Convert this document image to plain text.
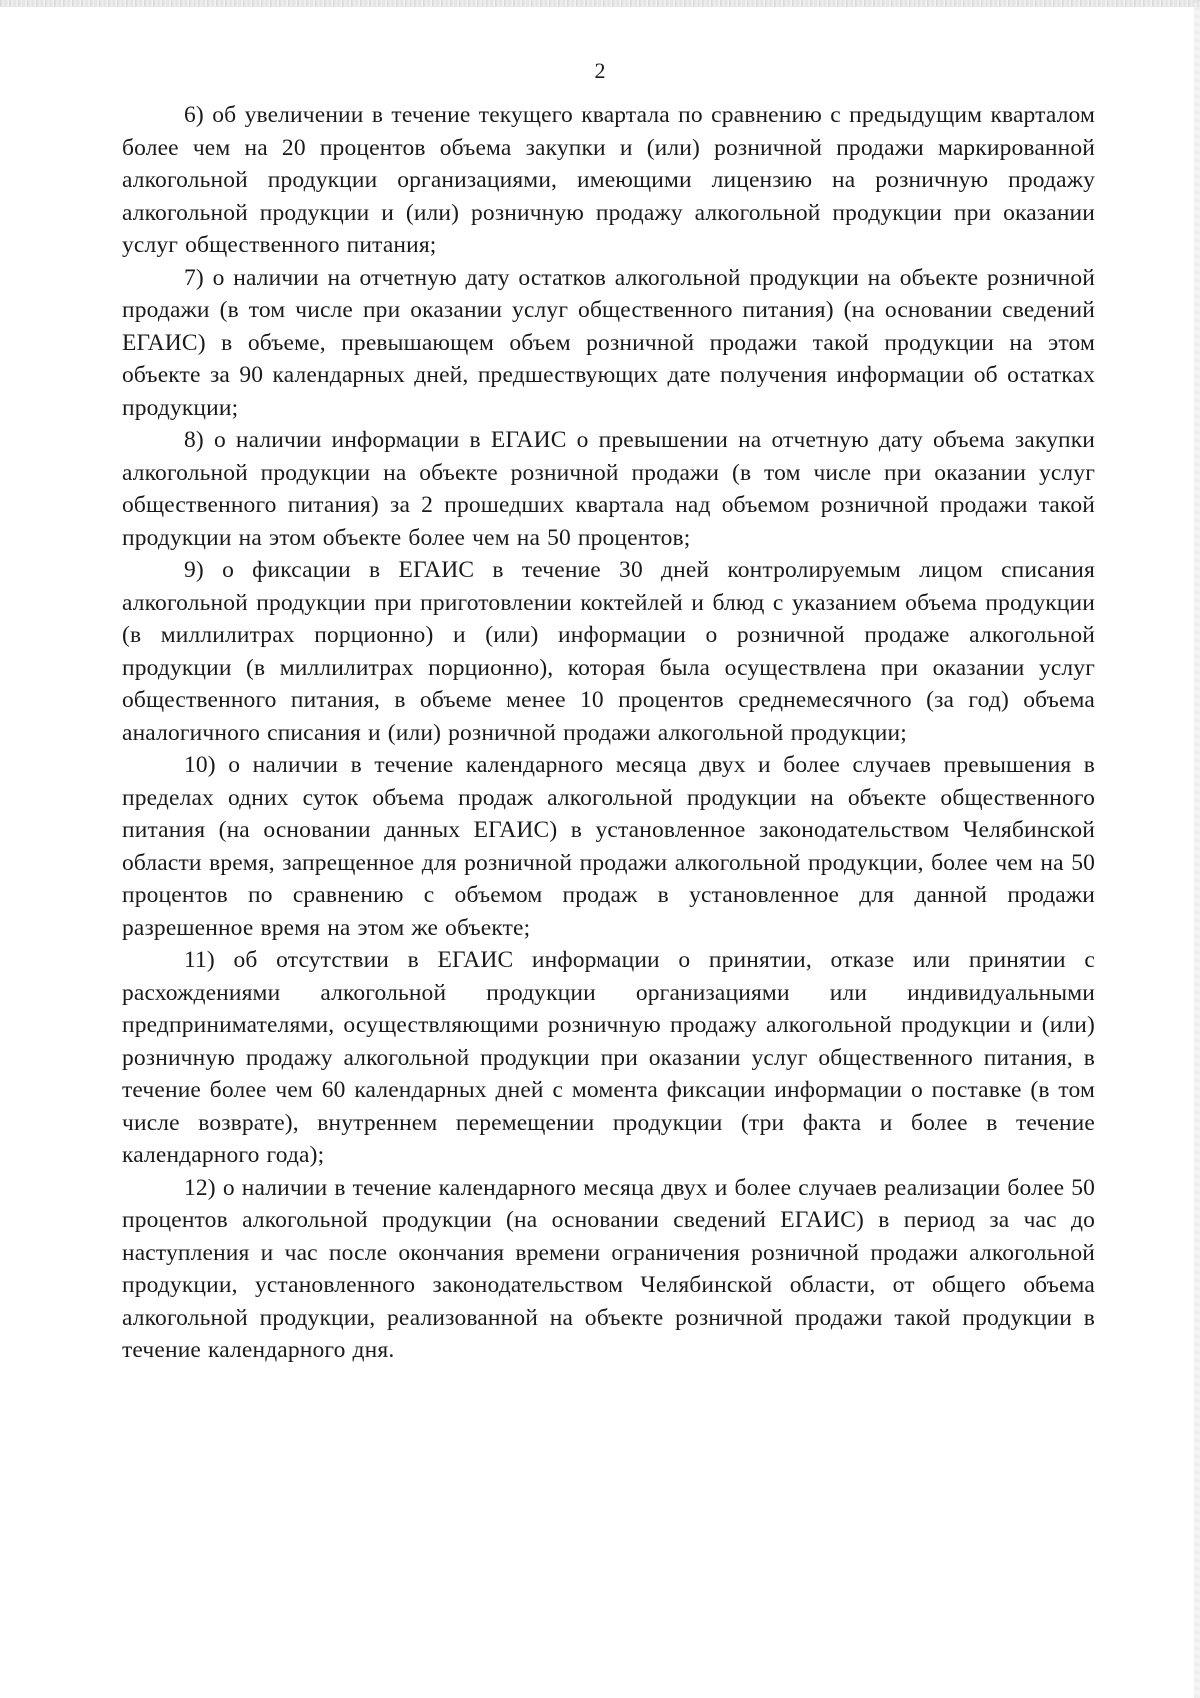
2

6) об увеличении в течение текущего квартала по сравнению с предыдущим кварталом более чем на 20 процентов объема закупки и (или) розничной продажи маркированной алкогольной продукции организациями, имеющими лицензию на розничную продажу алкогольной продукции и (или) розничную продажу алкогольной продукции при оказании услуг общественного питания;

7) о наличии на отчетную дату остатков алкогольной продукции на объекте розничной продажи (в том числе при оказании услуг общественного питания) (на основании сведений ЕГАИС) в объеме, превышающем объем розничной продажи такой продукции на этом объекте за 90 календарных дней, предшествующих дате получения информации об остатках продукции;

8) о наличии информации в ЕГАИС о превышении на отчетную дату объема закупки алкогольной продукции на объекте розничной продажи (в том числе при оказании услуг общественного питания) за 2 прошедших квартала над объемом розничной продажи такой продукции на этом объекте более чем на 50 процентов;

9) о фиксации в ЕГАИС в течение 30 дней контролируемым лицом списания алкогольной продукции при приготовлении коктейлей и блюд с указанием объема продукции (в миллилитрах порционно) и (или) информации о розничной продаже алкогольной продукции (в миллилитрах порционно), которая была осуществлена при оказании услуг общественного питания, в объеме менее 10 процентов среднемесячного (за год) объема аналогичного списания и (или) розничной продажи алкогольной продукции;

10) о наличии в течение календарного месяца двух и более случаев превышения в пределах одних суток объема продаж алкогольной продукции на объекте общественного питания (на основании данных ЕГАИС) в установленное законодательством Челябинской области время, запрещенное для розничной продажи алкогольной продукции, более чем на 50 процентов по сравнению с объемом продаж в установленное для данной продажи разрешенное время на этом же объекте;

11) об отсутствии в ЕГАИС информации о принятии, отказе или принятии с расхождениями алкогольной продукции организациями или индивидуальными предпринимателями, осуществляющими розничную продажу алкогольной продукции и (или) розничную продажу алкогольной продукции при оказании услуг общественного питания, в течение более чем 60 календарных дней с момента фиксации информации о поставке (в том числе возврате), внутреннем перемещении продукции (три факта и более в течение календарного года);

12) о наличии в течение календарного месяца двух и более случаев реализации более 50 процентов алкогольной продукции (на основании сведений ЕГАИС) в период за час до наступления и час после окончания времени ограничения розничной продажи алкогольной продукции, установленного законодательством Челябинской области, от общего объема алкогольной продукции, реализованной на объекте розничной продажи такой продукции в течение календарного дня.
